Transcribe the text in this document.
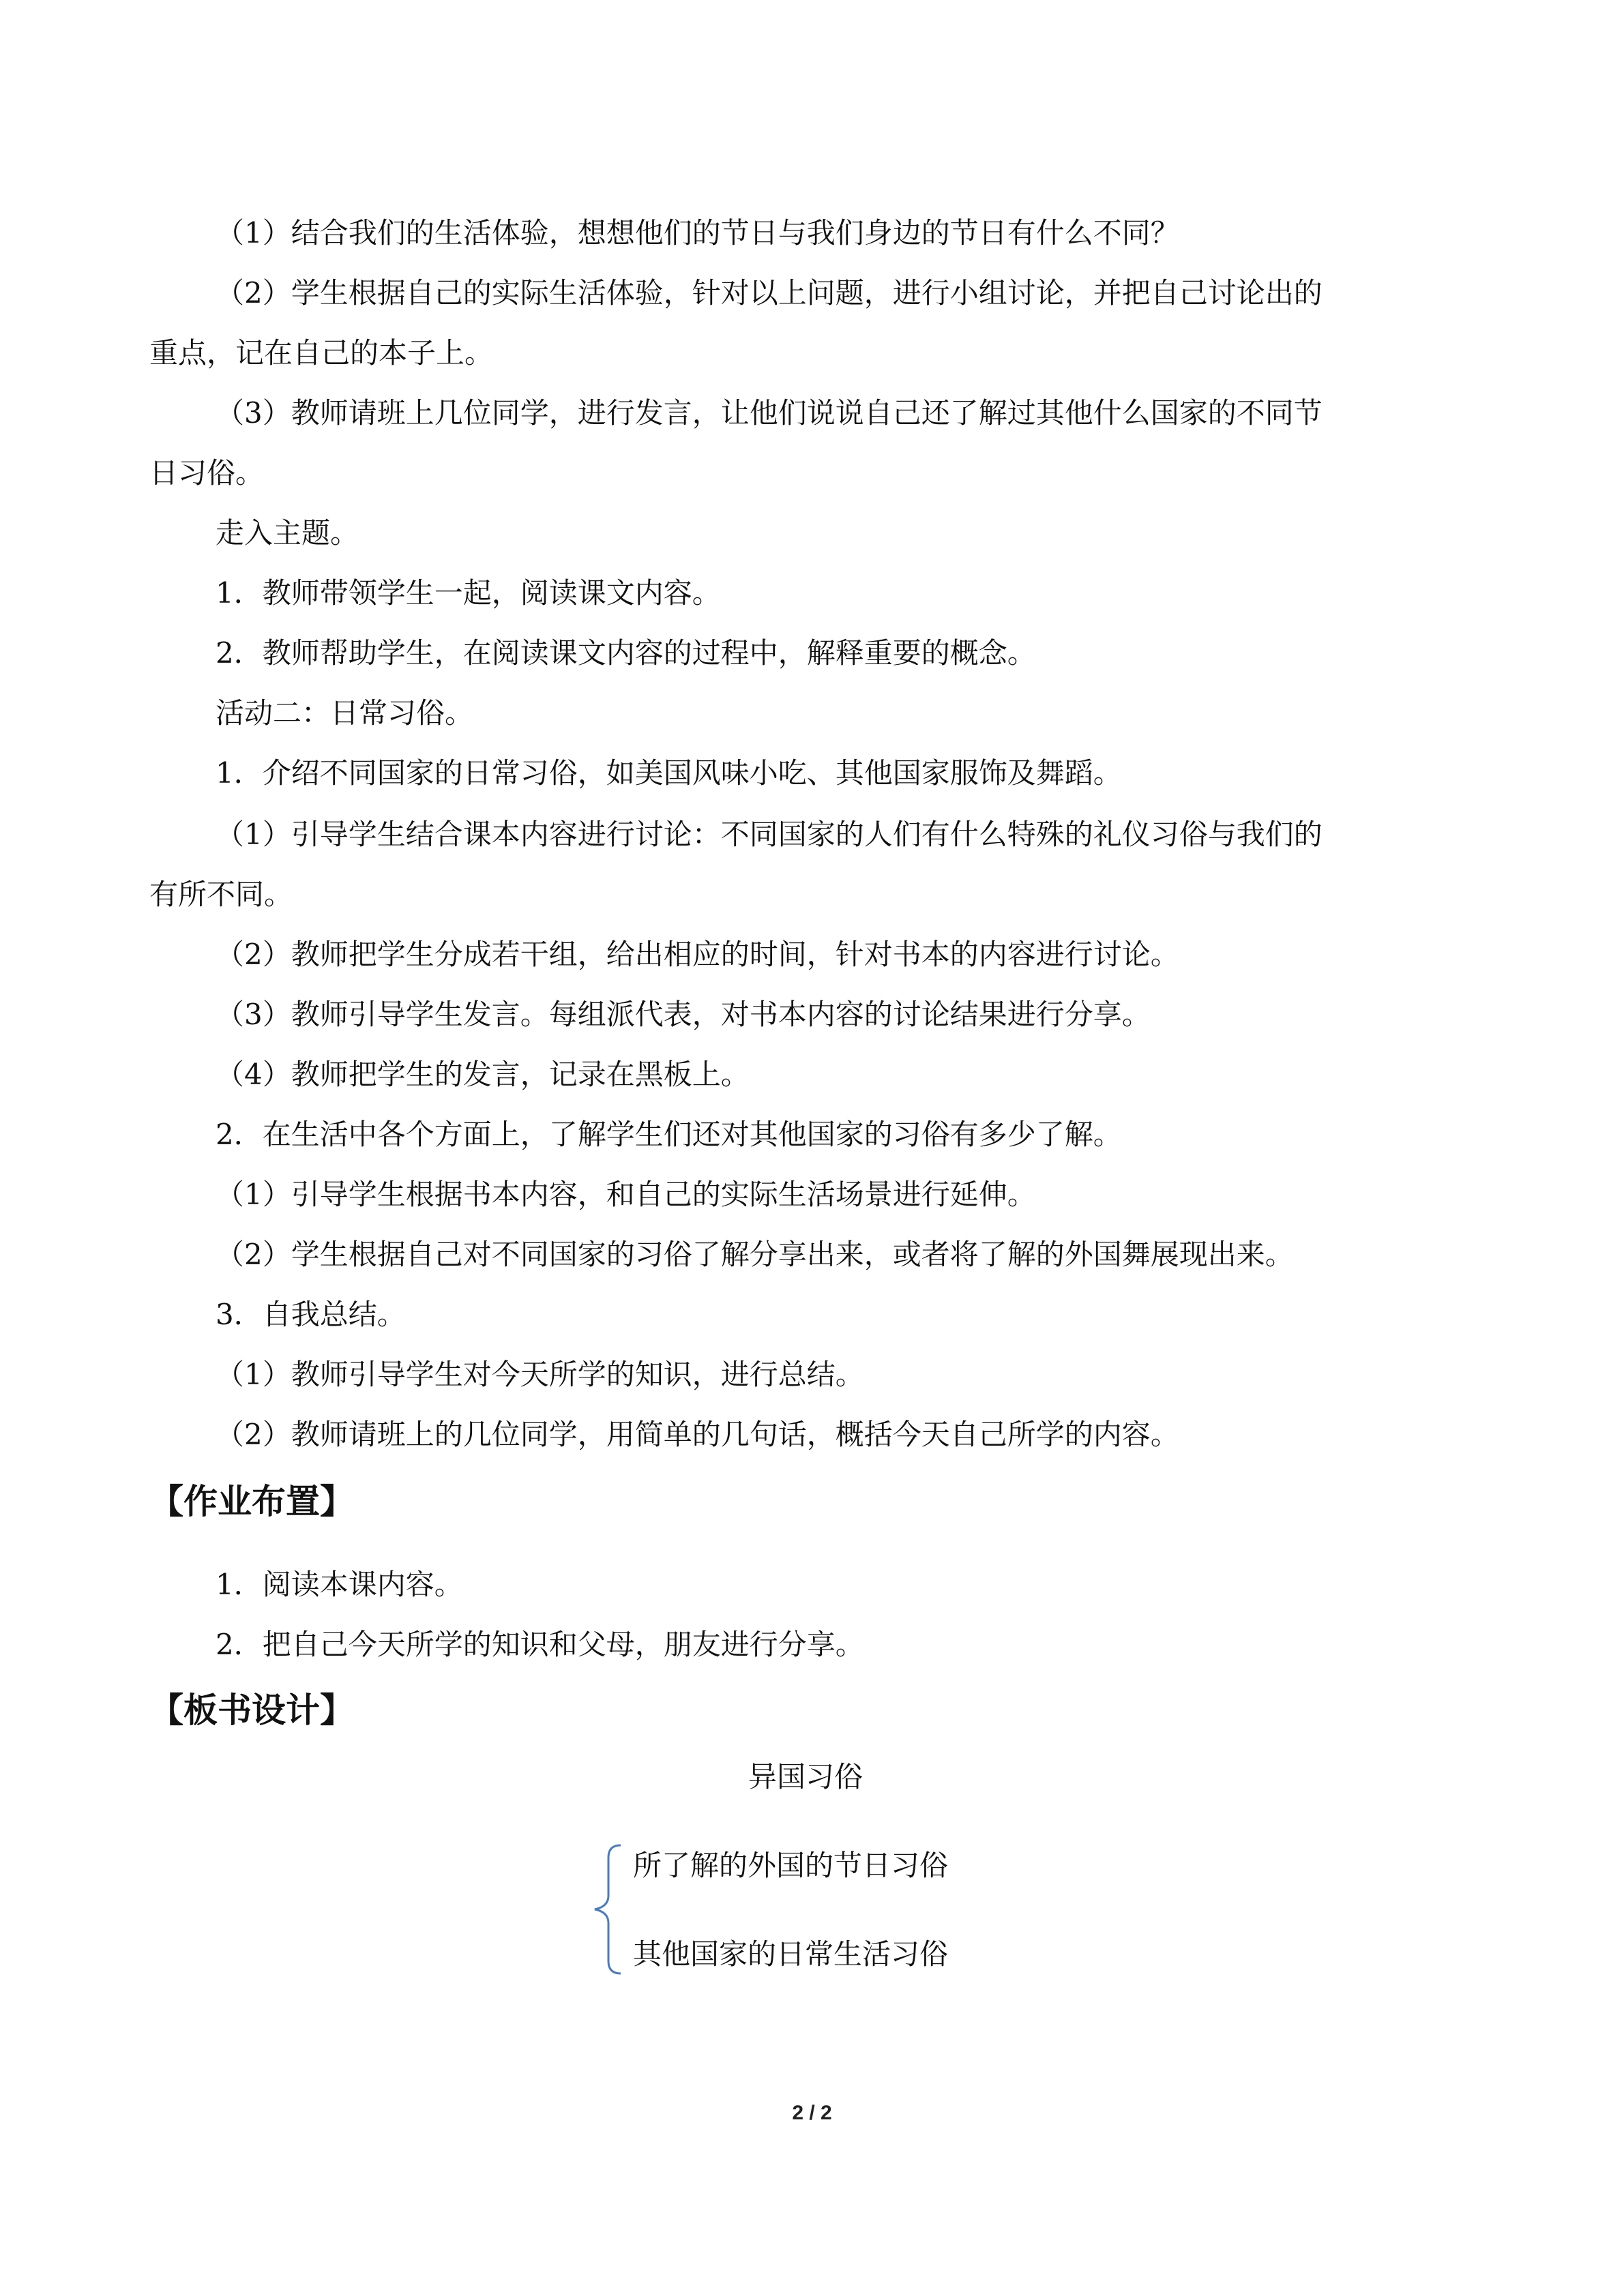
（1）结合我们的生活体验，想想他们的节日与我们身边的节日有什么不同？
（2）学生根据自己的实际生活体验，针对以上问题，进行小组讨论，并把自己讨论出的
重点，记在自己的本子上。
（3）教师请班上几位同学，进行发言，让他们说说自己还了解过其他什么国家的不同节
日习俗。
走入主题。
1．教师带领学生一起，阅读课文内容。
2．教师帮助学生，在阅读课文内容的过程中，解释重要的概念。
活动二：日常习俗。
1．介绍不同国家的日常习俗，如美国风味小吃、其他国家服饰及舞蹈。
（1）引导学生结合课本内容进行讨论：不同国家的人们有什么特殊的礼仪习俗与我们的
有所不同。
（2）教师把学生分成若干组，给出相应的时间，针对书本的内容进行讨论。
（3）教师引导学生发言。每组派代表，对书本内容的讨论结果进行分享。
（4）教师把学生的发言，记录在黑板上。
2．在生活中各个方面上，了解学生们还对其他国家的习俗有多少了解。
（1）引导学生根据书本内容，和自己的实际生活场景进行延伸。
（2）学生根据自己对不同国家的习俗了解分享出来，或者将了解的外国舞展现出来。
3．自我总结。
（1）教师引导学生对今天所学的知识，进行总结。
（2）教师请班上的几位同学，用简单的几句话，概括今天自己所学的内容。
【作业布置】
1．阅读本课内容。
2．把自己今天所学的知识和父母，朋友进行分享。
【板书设计】
异国习俗
所了解的外国的节日习俗
其他国家的日常生活习俗
2 / 2
